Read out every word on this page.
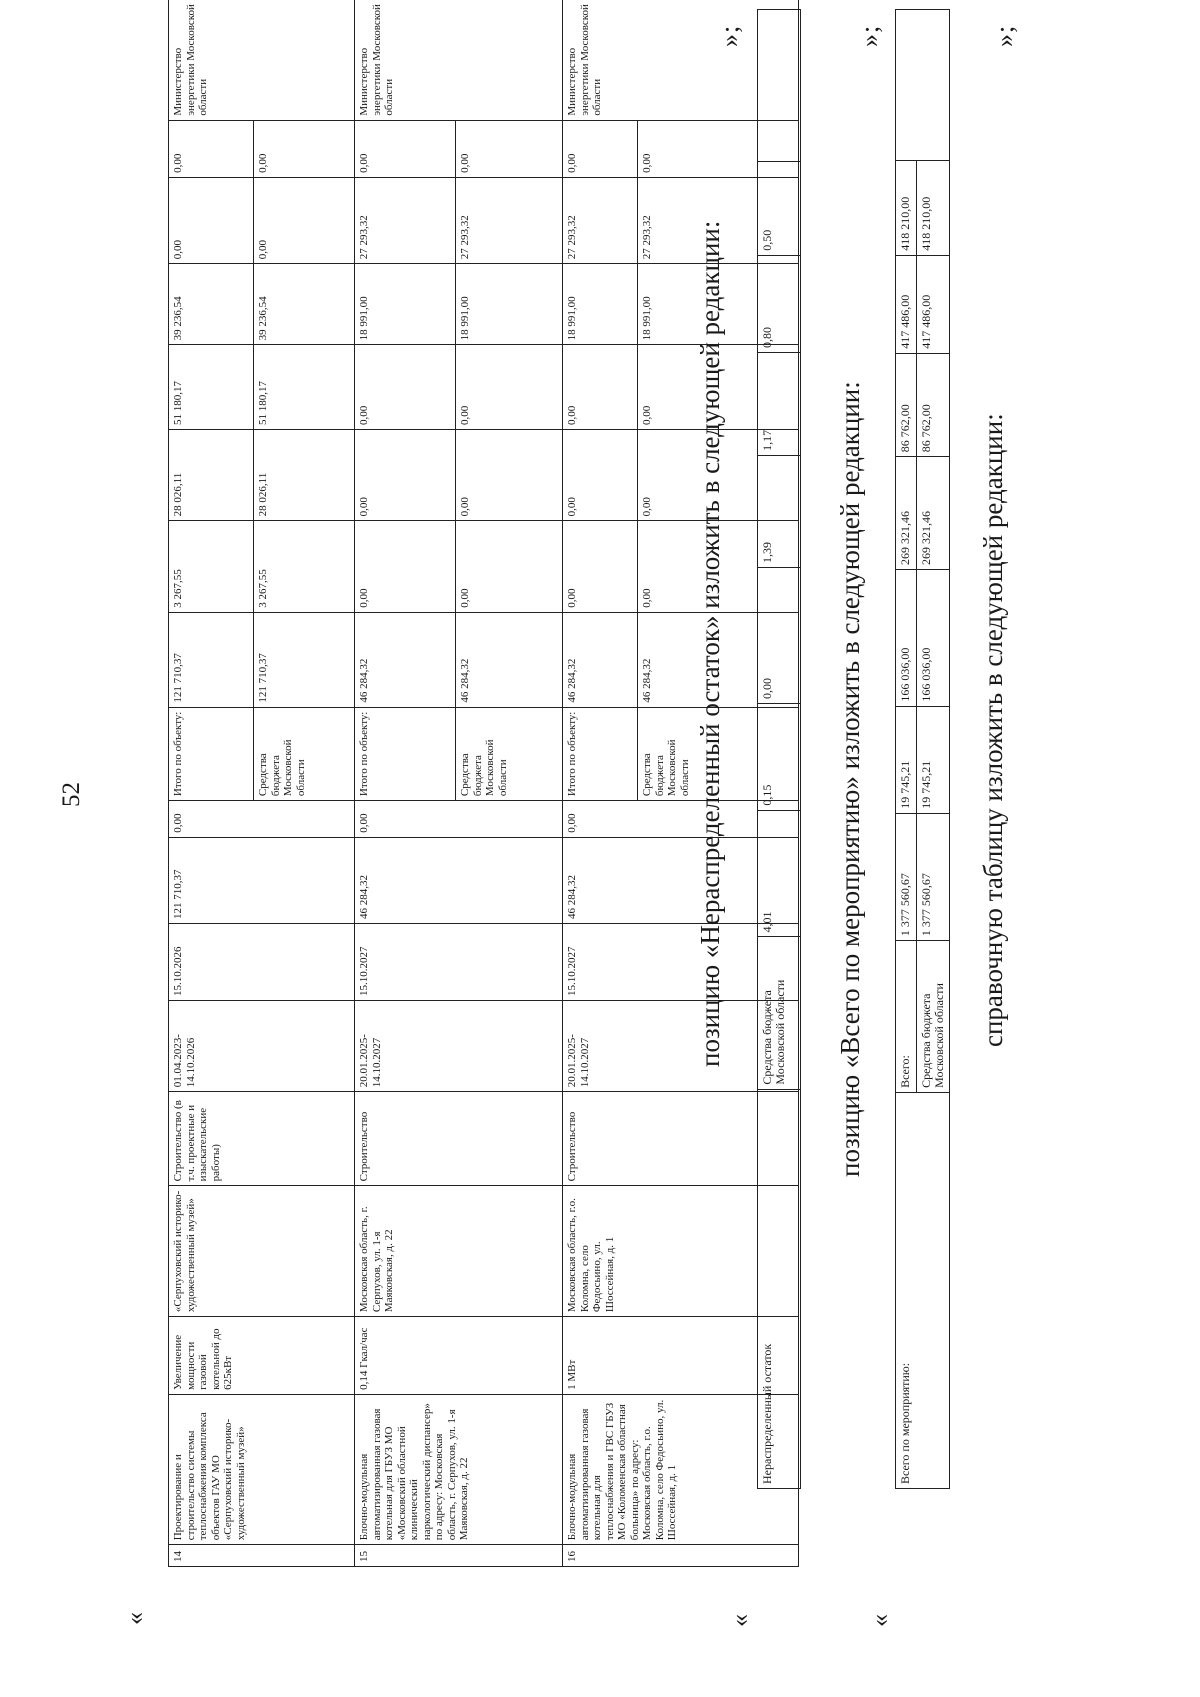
52
«
14	Проектирование и строительство системы теплоснабжения комплекса объектов ГАУ МО «Серпуховский историко-художественный музей»	Увеличение мощности газовой котельной до 625кВт	«Серпуховский историко-художественный музей»	Строительство (в т.ч. проектные и изыскательские работы)	01.04.2023-14.10.2026	15.10.2026	121 710,37	0,00	Итого по объекту:	121 710,37	3 267,55	28 026,11	51 180,17	39 236,54	0,00	0,00	Министерство энергетики Московской области
									Средства бюджета Московской области	121 710,37	3 267,55	28 026,11	51 180,17	39 236,54	0,00	0,00	
15	Блочно-модульная автоматизированная газовая котельная для ГБУЗ МО «Московский областной клинический наркологический диспансер» по адресу: Московская область, г. Серпухов, ул. 1-я Маяковская, д. 22	0,14 Гкал/час	Московская область, г. Серпухов, ул. 1-я Маяковская, д. 22	Строительство	20.01.2025-14.10.2027	15.10.2027	46 284,32	0,00	Итого по объекту:	46 284,32	0,00	0,00	0,00	18 991,00	27 293,32	0,00	Министерство энергетики Московской области
									Средства бюджета Московской области	46 284,32	0,00	0,00	0,00	18 991,00	27 293,32	0,00	
16	Блочно-модульная автоматизированная газовая котельная для теплоснабжения и ГВС ГБУЗ МО «Коломенская областная больница» по адресу: Московская область, г.о. Коломна, село Федосьино, ул. Шоссейная, д. 1	1 МВт	Московская область, г.о. Коломна, село Федосьино, ул. Шоссейная, д. 1	Строительство	20.01.2025-14.10.2027	15.10.2027	46 284,32	0,00	Итого по объекту:	46 284,32	0,00	0,00	0,00	18 991,00	27 293,32	0,00	Министерство энергетики Московской области
									Средства бюджета Московской области	46 284,32	0,00	0,00	0,00	18 991,00	27 293,32	0,00	
»;
позицию «Нераспределенный остаток» изложить в следующей редакции:
«
Нераспределенный остаток	Средства бюджета Московской области	4,01	0,15	0,00	1,39	1,17	0,80	0,50	
»;
позицию «Всего по мероприятию» изложить в следующей редакции:
«
Всего по мероприятию:	Всего:	1 377 560,67	19 745,21	166 036,00	269 321,46	86 762,00	417 486,00	418 210,00	
	Средства бюджета Московской области	1 377 560,67	19 745,21	166 036,00	269 321,46	86 762,00	417 486,00	418 210,00	
»;
справочную таблицу изложить в следующей редакции:
